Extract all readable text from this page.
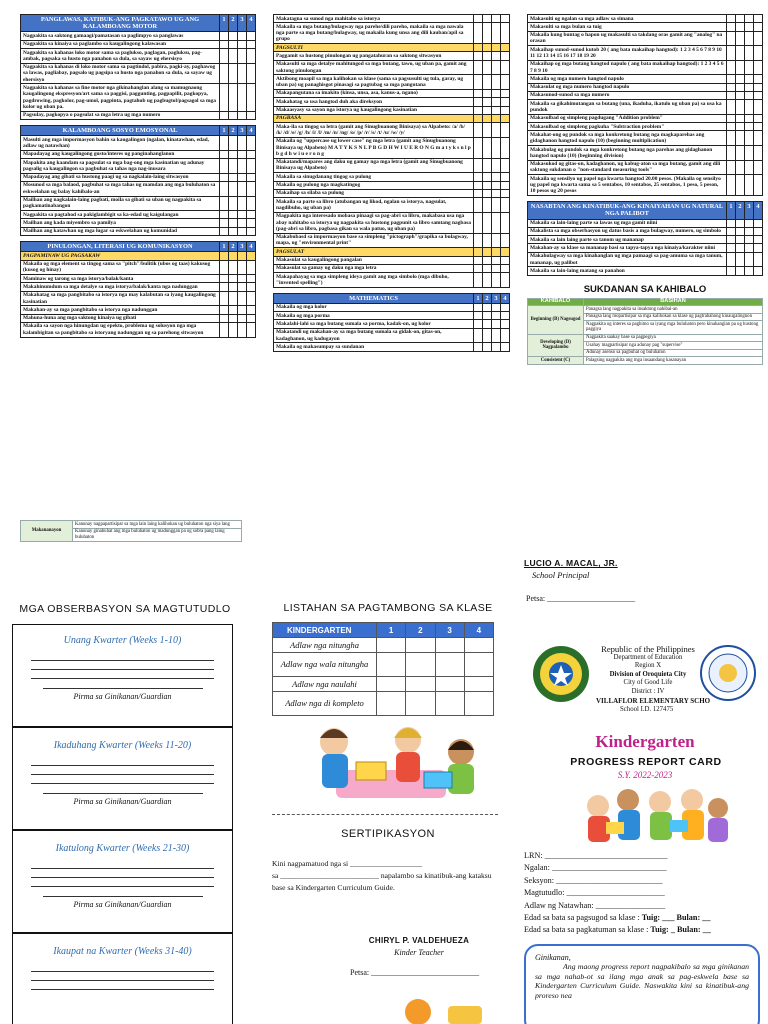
PANGLAWAS, KATIBUK-ANG PAGKATAWO UG ANG KALAMBOANG MOTOR	1	2	3	4
Nagpakita sa saktong gamaagi/pamatasan sa paglimpyo sa panglawas				
Nagpakita sa kinaiya sa paglambo sa kaugalingong kalawasan				
Nagpakita sa kahanas loko motor sama sa paglukso, paglagan, pagluksu, pag-ambak, pagsaka sa husto nga panahon sa dula, sa sayaw ug ehersisyo				
Nagpakita sa kahanas di loko motor sama sa pagtindol, pabira, pagki-ay, paghawog sa lawas, pagliabay, pagsalo ug pagsipa sa husto nga panahon sa dula, sa sayaw ug ehersisyo				
Nagpakita sa kahanas sa fine motor nga gikinahanglan alang sa mamugnaong kaugalingong ekspresyon/art sama sa paggisi, paggunting, pagpapilit, pagkopya, pagdrowing, pagkolor, pag-umol, pagpinta, pagtahub ug pagbugtol/pagsagol sa mga kolor ug uban pa.				
Pagsulay, pagkopya o pagsulat sa mga letra ug mga numero				
KALAMBOANG SOSYO EMOSYONAL	1	2	3	4
Masulti ang mga impormasyon bahin sa kaugalingon (ngalan, kinatawhan, edad, adlaw ug natawhan)				
Mapadayag ang kaugalingong gusto/interes ug panginahanglanon				
Mapakita ang kaandam sa pagsulat sa mga bag-ong mga kasinatian ug adunay pagsalig sa kaugalingon sa pagbuhat sa tahas nga nag-inusara				
Mapadayag ang gibati sa hustong paagi ug sa nagkalain-laing sitwasyon				
Mosunod sa mga balaod, pagbuhat sa mga tahas ug mamdan ang mga buluhaton sa eskwelahan ug balay kahibalo-an				
Mailhan ang nagkalain-laing pagbati, moila sa gibati sa uban ug nagpakita sa pagkamatinabangon				
Nagpakita sa pagtahod sa pakiglambigit sa ka-edad ug kaigulangan				
Mailhan ang kada miyembro sa pamilya				
Mailhan ang katawhan ug mga lugar sa eskwelahan ug komunidad				
PINULONGAN, LITERASI UG KOMUNIKASYON	1	2	3	4
PAGPAMINAW UG PAGSAKAW				
Makaila og mga element sa tingog sama sa "pitch"/bulitik (ubos og taas) kakusog (kusog og hinay)				
Maminaw og tarong sa mga istorya/balak/kanta				
Makahinumdum sa mga detalye sa mga istorya/balak/kanta nga nadunggan				
Makahatag sa mga pangbitabo sa istorya nga may kalabutan sa iyang kaugalingong kasinatian				
Makahan-ay sa mga pangbitabo sa istorya nga nadunggan				
Mahuna-huna ang mga saktong kinaiya ug gibati				
Makaila sa sayon nga hinungdan ug epekto, problema ug solusyon nga mga kalambigitan sa pangbitabo sa istoryang nadunggan ug sa parehong sitwasyon				
Makananayon	Kanunay nagpapartisipar sa mga lain laing kalihokan ug buluhaton nga siya lang
Kanunay ginabuhat ang mga buluhaton ug madunggan pa og sobra pang laing buluhaton
Makatagna sa sunod nga mahitabo sa istorya				
Makaila sa mga butang/bulagway nga parehe/dili pareho, makaila sa mga nawala nga parte sa mga butang/bulagway, ug makaila kung unsa ang dili kauban/apil sa grupo				
PAGSULTI				
Paggamit sa hustong pinulongan ug pangatahuran sa saktong sitwasyon				
Makasulti sa mga detalye mahitungod sa mga butang, tawo, ug uban pa, gamit ang saktong pinulongan				
Aktibong moapil sa mga kalihokan sa klase (sama sa pagsusulti ug tula, garay, ug uban pa) ug panaghisgot pinasagi sa pagtubag sa mga pangutana				
Makapangutana sa imakito (kinsa, unsa, asa, kanus-a, ngano)				
Makahatag sa usa hangtod duh aka direksyon				
Makaasyasy sa sayon nga istorya ug kaugalingong kasinatian				
PAGBASA				
Maka-ila sa tingog sa letra (gamit ang Sinugbuanong Binisaya) sa Alpabeto: /a/ /b/ /k/ /d/ /e/ /g/ /h/ /i/ /l/ /m/ /n/ /ng/ /o/ /p/ /r/ /s/ /t/ /u/ /w/ /y/				
Makaila og "uppercase ug lower case" ng mga letra (gamit ang Sinugbuanong Binisaya ug Alpabeto) M A T Y K S N L P B G D H W I U E R O N G m a t y k s n l p b g d h w i u e r o n g				
Makatandi/mapares ang daku ug gamay nga mga letra (gamit ang Sinugbuanong Binisaya ug Alpabeto)				
Makaila sa sinugdanang tingog sa pulong				
Makaila og pulong nga magkatingog				
Makaihap sa silaba sa pulong				
Makaila sa parte sa libro (atubangan ug likod, ngalan sa istorya, nagsulat, nagdibuho, ug uban pa)				
Magpakita nga interesado mobasa pinaagi sa pag-abri sa libro, makabasa usa nga abay nahitabo sa istorya ug nagpakita sa hustong pagpunit sa libro samtang nagbasa (pag-abri sa libro, pagbasa gikan sa wala patuo, ug uban pa)				
Makabubasd sa impormasyon base sa simpleng "pictograph"/grapika sa bulagway, mapa, ug "environmental print"				
PAGSULAT				
Makasulat sa kaugalingong pangalan				
Makasulat sa gamay ug daku nga mga letra				
Makapahayag sa mga simpleng ideya gamit ang mga simbolo (mga dibuho, "invented spelling")				
MATHEMATICS	1	2	3	4
Makaila og mga kolor				
Makaila og mga porma				
Makalahi-lahi sa mga butang sumala sa porma, kadak-on, ug kolor				
Makatandi ug makahan-ay sa mga butang sumala sa gidak-on, gitas-on, kadaghanon, ug kadugayon				
Makaila og makasumpay sa sundanan				
Makasulti og ngalan sa mga adlaw sa simana				
Makasulti sa mga bulan sa tuig				
Makaila kung buntag o hapon ug makasulti sa takdang oras gamit ang "analog" na orasan				
Makaihap sunod-sunod kutob 20 ( ang bata makaihap hangtod): 1 2 3 4 5 6 7 8 9 10 11 12 13 14 15 16 17 18 19 20				
Makaihap og mga butang hangtod napulo ( ang bata makaihap hangtod): 1 2 3 4 5 6 7 8 9 10				
Makaila og mga numero hangtod napulo				
Makasulat og mga numero hangtod napulo				
Makasunod-sunod sa mga numero				
Makaila sa gikahimutangan sa butang (una, ikaduha, ikatulo ug uban pa) sa usa ka pundok				
Makasulbad og simpleng pagdugang "Addition problem"				
Makasulbad og simpleng pagkuha "Subtraction problem"				
Makahat-ong og pundok sa mga konkretong butang nga magkaparehas ang gidaghanon hangtod napulo (10) (beginning multiplication)				
Makabulag og pundok sa mga konkretong butang nga parehas ang gidaghanon hangtod napulo (10) (beginning division)				
Makasukod og gitas-on, kadaghanon, ug kabug-aton sa mga butang, gamit ang dili saktong sukdanan o "non-standard measuring tools"				
Makaila og sensilyo ug papel nga kwarta hangtod 20.00 pesos. (Makaila og sensilyo ug papel nga kwarta sama sa 5 sentabos, 10 sentabos, 25 sentabos, 1 peso, 5 peson, 10 pesos ug 20 pesos				
NASABTAN ANG KINATIBUK-ANG KINAIYAHAN UG NATURAL NGA PALIBOT	1	2	3	4
Makaila sa lain-laing parte sa lawas ug mga gamit niini				
Makalista sa mga obserbasyon ug datus basis a mga bulagway, numero, ug simbolo				
Makaila sa lain laing parte sa tanom ug mananap				
Makahan-ay sa klase sa mananap basi sa tapya-tapya nga kinaiya/karakter niini				
Makahulagway sa mga kinahanglan ug mga pamaagi sa pag-amuma sa mga tanum, mananap, ug palibot				
Makaila sa lain-laing matang sa panahon				
SUKDANAN SA KAHIBALO
KAHIBALO	BASIHAN
Beginning (B) Nagsugod	Panagsa lang nagpakita sa insaktong nahibal-an
	Panagsa lang mopartisipar sa mga kalihokan sa klase ug pagtrabahong kinaugalingnon
	Nagpakita og interes sa paghimo sa iyang mga buluhaton pero kinahanglan pa og hustong paggiya
Developing (D) Nagpalambo	Nagpakita saakay base sa pagpegiya
	Usahay magpartisipar nga adunay pag "supervise"
	Adunay asenso sa pagbuhat og buluhaton
Consistent (C)	Palagsing nagpakita ang mga insaandang kasanayan
MGA OBSERBASYON SA MAGTUTUDLO
Unang Kwarter (Weeks 1-10)
Pirma sa Ginikanan/Guardian
Ikaduhang Kwarter (Weeks 11-20)
Pirma sa Ginikanan/Guardian
Ikatulong Kwarter (Weeks 21-30)
Pirma sa Ginikanan/Guardian
Ikaupat na Kwarter (Weeks 31-40)
LISTAHAN SA PAGTAMBONG SA KLASE
KINDERGARTEN	1	2	3	4
Adlaw nga nitungha				
Adlaw nga wala nitungha				
Adlaw nga naulahi				
Adlaw nga di kompleto				
SERTIPIKASYON
Kini nagpamatuod nga si ___________________
sa __________________________ napalambo sa kinatibuk-ang kataksu base sa Kindergarten Curriculum Guide.
CHIRYL P. VALDEHUEZA
Kinder Teacher
Petsa: ___________________________
LUCIO A. MACAL, JR.
School Principal
Petsa: ______________________
Republic of the Philippines
Department of Education
Region X
Division of Oroquieta City
City of Good Life
District : IV
VILLAFLOR ELEMENTARY SCHO
School I.D. 127475
Kindergarten
PROGRESS REPORT CARD
S.Y. 2022-2023
LRN: ______________________________
Ngalan: ____________________________
Seksyon: __________________________
Magtutudlo: ________________________
Adlaw ng Natawhan: _________________
Edad sa bata sa pagsugod sa klase : Tuig: ___ Bulan: __
Edad sa bata sa pagkatuman sa klase : Tuig: _ Bulan: __
Ginikanan,
Ang maong progress report nagpakibalo sa mga ginikanan sa mga nahab-ot sa ilang mga anak sa pag-eskwela base sa Kindergarten Curriculum Guide. Naswakita kini sa kinatibuk-ang proreso nea
